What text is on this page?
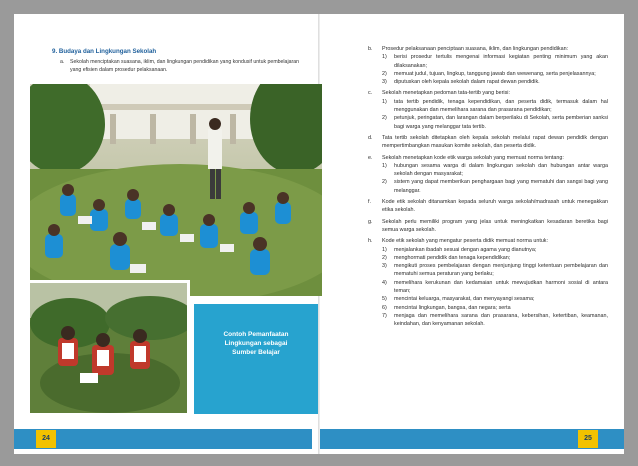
9. Budaya dan Lingkungan Sekolah
a.	Sekolah menciptakan suasana, iklim, dan lingkungan pendidikan yang kondusif untuk pembelajaran yang efisien dalam prosedur pelaksanaan.
Contoh Pemanfaatan
Lingkungan sebagai
Sumber Belajar
24
b. Prosedur pelaksanaan penciptaan suasana, iklim, dan lingkungan pendidikan:
1) berisi prosedur tertulis mengenai informasi kegiatan penting minimum yang akan dilaksanakan;
2) memuat judul, tujuan, lingkup, tanggung jawab dan wewenang, serta penjelasannya;
3) diputuskan oleh kepala sekolah dalam rapat dewan pendidik.
c. Sekolah menetapkan pedoman tata-tertib yang berisi:
1) tata tertib pendidik, tenaga kependidikan, dan peserta didik, termasuk dalam hal menggunakan dan memelihara sarana dan prasarana pendidikan;
2) petunjuk, peringatan, dan larangan dalam berperilaku di Sekolah, serta pemberian sanksi bagi warga yang melanggar tata tertib.
d. Tata tertib sekolah ditetapkan oleh kepala sekolah melalui rapat dewan pendidik dengan mempertimbangkan masukan komite sekolah, dan peserta didik.
e. Sekolah menetapkan kode etik warga sekolah yang memuat norma tentang:
1) hubungan sesama warga di dalam lingkungan sekolah dan hubungan antar warga sekolah dengan masyarakat;
2) sistem yang dapat memberikan penghargaan bagi yang mematuhi dan sangsi bagi yang melanggar.
f. Kode etik sekolah ditanamkan kepada seluruh warga sekolah/madrasah untuk menegakkan etika sekolah.
g. Sekolah perlu memiliki program yang jelas untuk meningkatkan kesadaran beretika bagi semua warga sekolah.
h. Kode etik sekolah yang mengatur peserta didik memuat norma untuk:
1) menjalankan ibadah sesuai dengan agama yang dianutnya;
2) menghormati pendidik dan tenaga kependidikan;
3) mengikuti proses pembelajaran dengan menjunjung tinggi ketentuan pembelajaran dan mematuhi semua peraturan yang berlaku;
4) memelihara kerukunan dan kedamaian untuk mewujudkan harmoni sosial di antara teman;
5) mencintai keluarga, masyarakat, dan menyayangi sesama;
6) mencintai lingkungan, bangsa, dan negara; serta
7) menjaga dan memelihara sarana dan prasarana, kebersihan, ketertiban, keamanan, keindahan, dan kenyamanan sekolah.
25
